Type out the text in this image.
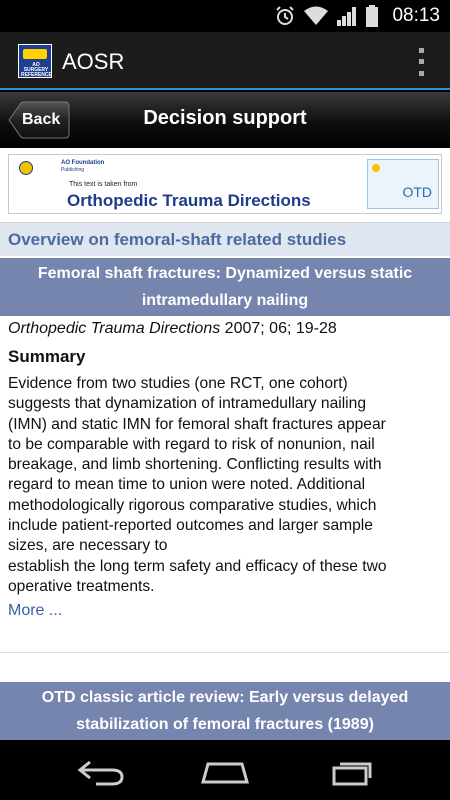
08:13
AO SURGERY REFERENCE
AOSR
Back	Decision support
AO Foundation
Publishing
This text is taken from
Orthopedic Trauma Directions	OTD
Overview on femoral-shaft related studies
Femoral shaft fractures: Dynamized versus static
intramedullary nailing
Orthopedic Trauma Directions 2007; 06; 19-28
Summary
Evidence from two studies (one RCT, one cohort)
suggests that dynamization of intramedullary nailing
(IMN) and static IMN for femoral shaft fractures appear
to be comparable with regard to risk of nonunion, nail
breakage, and limb shortening. Conflicting results with
regard to mean time to union were noted. Additional
methodologically rigorous comparative studies, which
include patient-reported outcomes and larger sample
sizes, are necessary to
establish the long term safety and efficacy of these two
operative treatments.
More ...
OTD classic article review: Early versus delayed
stabilization of femoral fractures (1989)
